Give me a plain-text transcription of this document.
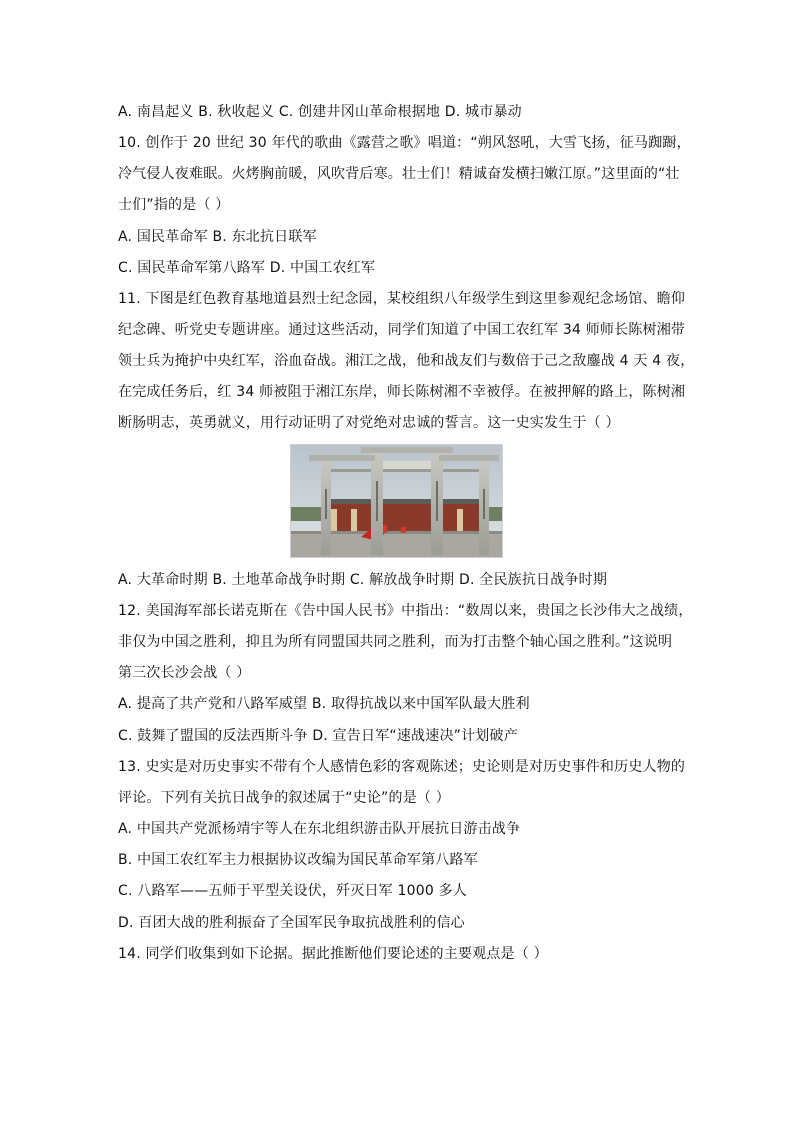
A. 南昌起义 B. 秋收起义 C. 创建井冈山革命根据地 D. 城市暴动
10. 创作于 20 世纪 30 年代的歌曲《露营之歌》唱道：“朔风怒吼，大雪飞扬，征马踟蹰，
冷气侵人夜难眠。火烤胸前暖，风吹背后寒。壮士们！精诚奋发横扫嫩江原。”这里面的“壮
士们”指的是（ ）
A. 国民革命军 B. 东北抗日联军
C. 国民革命军第八路军 D. 中国工农红军
11. 下图是红色教育基地道县烈士纪念园，某校组织八年级学生到这里参观纪念场馆、瞻仰
纪念碑、听党史专题讲座。通过这些活动，同学们知道了中国工农红军 34 师师长陈树湘带
领士兵为掩护中央红军，浴血奋战。湘江之战，他和战友们与数倍于己之敌鏖战 4 天 4 夜，
在完成任务后，红 34 师被阻于湘江东岸，师长陈树湘不幸被俘。在被押解的路上，陈树湘
断肠明志，英勇就义，用行动证明了对党绝对忠诚的誓言。这一史实发生于（ ）
A. 大革命时期 B. 土地革命战争时期 C. 解放战争时期 D. 全民族抗日战争时期
12. 美国海军部长诺克斯在《告中国人民书》中指出：“数周以来，贵国之长沙伟大之战绩，
非仅为中国之胜利，抑且为所有同盟国共同之胜利，而为打击整个轴心国之胜利。”这说明
第三次长沙会战（ ）
A. 提高了共产党和八路军威望 B. 取得抗战以来中国军队最大胜利
C. 鼓舞了盟国的反法西斯斗争 D. 宣告日军“速战速决”计划破产
13. 史实是对历史事实不带有个人感情色彩的客观陈述；史论则是对历史事件和历史人物的
评论。下列有关抗日战争的叙述属于“史论”的是（ ）
A. 中国共产党派杨靖宇等人在东北组织游击队开展抗日游击战争
B. 中国工农红军主力根据协议改编为国民革命军第八路军
C. 八路军——五师于平型关设伏，歼灭日军 1000 多人
D. 百团大战的胜利振奋了全国军民争取抗战胜利的信心
14. 同学们收集到如下论据。据此推断他们要论述的主要观点是（ ）
